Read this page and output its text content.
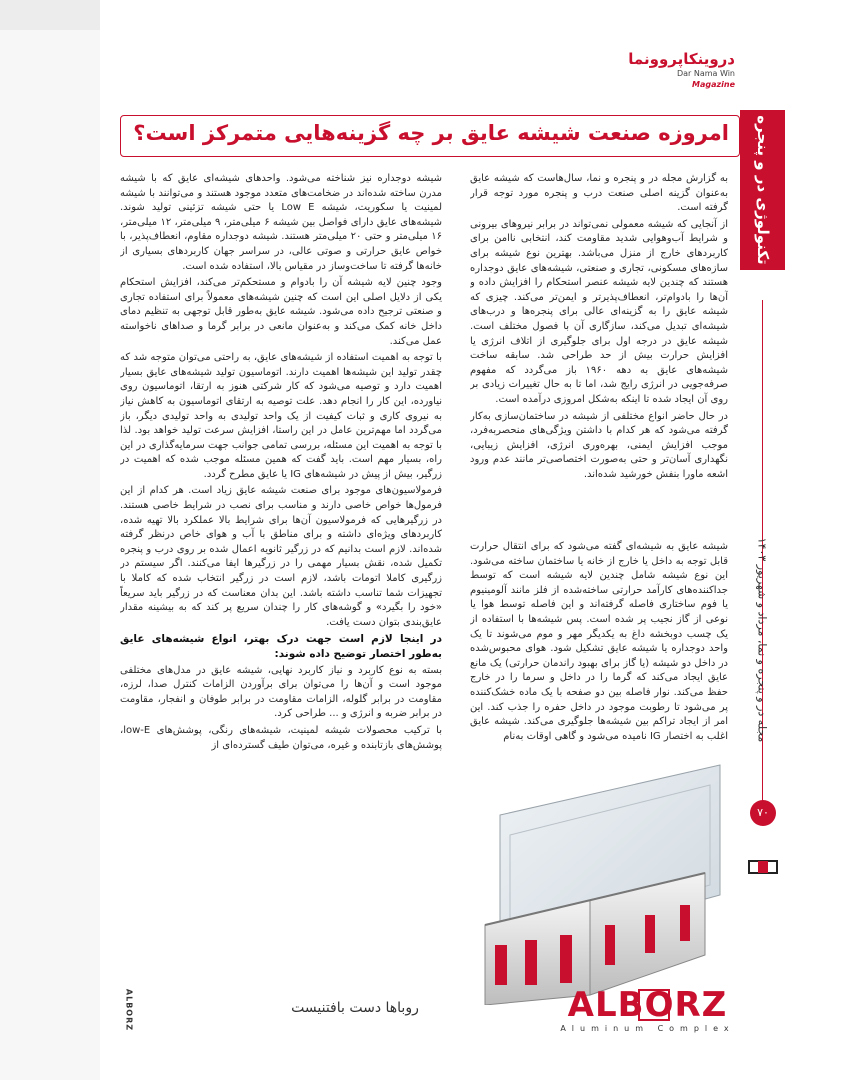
دروینکاپروونما
Dar Nama Win Magazine
تکنولوژی در و پنجره
مجله در و پنجره و نما، مرداد و شهریور ۱۴۰۳
۷۰
امروزه صنعت شیشه عایق بر چه گزینه‌هایی متمرکز است؟

به گزارش مجله در و پنجره و نما، سال‌هاست که شیشه عایق به‌عنوان گزینه اصلی صنعت درب و پنجره مورد توجه قرار گرفته است.

از آنجایی که شیشه معمولی نمی‌تواند در برابر نیروهای بیرونی و شرایط آب‌وهوایی شدید مقاومت کند، انتخابی ناامن برای کاربردهای خارج از منزل می‌باشد. بهترین نوع شیشه برای سازه‌های مسکونی، تجاری و صنعتی، شیشه‌های عایق دوجداره هستند که چندین لایه شیشه عنصر استحکام را افزایش داده و آن‌ها را بادوام‌تر، انعطاف‌پذیرتر و ایمن‌تر می‌کند. چیزی که شیشه عایق را به گزینه‌ای عالی برای پنجره‌ها و درب‌های شیشه‌ای تبدیل می‌کند، سازگاری آن با فصول مختلف است. شیشه عایق در درجه اول برای جلوگیری از اتلاف انرژی یا افزایش حرارت بیش از حد طراحی شد. سابقه ساخت شیشه‌های عایق به دهه ۱۹۶۰ باز می‌گردد که مفهوم صرفه‌جویی در انرژی رایج شد، اما تا به حال تغییرات زیادی بر روی آن ایجاد شده تا اینکه به‌شکل امروزی درآمده است.

در حال حاضر انواع مختلفی از شیشه در ساختمان‌سازی به‌کار گرفته می‌شود که هر کدام با داشتن ویژگی‌های منحصربه‌فرد، موجب افزایش ایمنی، بهره‌وری انرژی، افزایش زیبایی، نگهداری آسان‌تر و حتی به‌صورت اختصاصی‌تر مانند عدم ورود اشعه ماورا بنفش خورشید شده‌اند.

شیشه عایق به شیشه‌ای گفته می‌شود که برای انتقال حرارت قابل توجه به داخل یا خارج از خانه یا ساختمان ساخته می‌شود. این نوع شیشه شامل چندین لایه شیشه است که توسط جداکننده‌های کارآمد حرارتی ساخته‌شده از فلز مانند آلومینیوم یا فوم ساختاری فاصله گرفته‌اند و این فاصله توسط هوا یا نوعی از گاز نجیب پر شده است. پس شیشه‌ها با استفاده از یک چسب دوبخشه داغ به یکدیگر مهر و موم می‌شوند تا یک واحد دوجداره یا شیشه عایق تشکیل شود. هوای محبوس‌شده در داخل دو شیشه (یا گاز برای بهبود راندمان حرارتی) یک مانع عایق ایجاد می‌کند که گرما را در داخل و سرما را در خارج حفظ می‌کند. نوار فاصله بین دو صفحه با یک ماده خشک‌کننده پر می‌شود تا رطوبت موجود در داخل حفره را جذب کند. این امر از ایجاد تراکم بین شیشه‌ها جلوگیری می‌کند. شیشه عایق اغلب به اختصار IG نامیده می‌شود و گاهی اوقات به‌نام

شیشه دوجداره نیز شناخته می‌شود. واحدهای شیشه‌ای عایق که با شیشه مدرن ساخته شده‌اند در ضخامت‌های متعدد موجود هستند و می‌توانند با شیشه لمینیت یا سکوریت، شیشه Low E یا حتی شیشه‌ تزئینی تولید شوند. شیشه‌های عایق دارای فواصل بین شیشه ۶ میلی‌متر، ۹ میلی‌متر، ۱۲ میلی‌متر، ۱۶ میلی‌متر و حتی ۲۰ میلی‌متر هستند. شیشه دوجداره مقاوم، انعطاف‌پذیر، با خواص عایق حرارتی و صوتی عالی، در سراسر جهان کاربردهای بسیاری از خانه‌ها گرفته تا ساخت‌وساز در مقیاس بالا، استفاده شده است.

وجود چنین لایه شیشه آن را بادوام و مستحکم‌تر می‌کند، افزایش استحکام یکی از دلایل اصلی این است که چنین شیشه‌های معمولاً برای استفاده تجاری و صنعتی ترجیح داده می‌شود. شیشه عایق به‌طور قابل توجهی به تنظیم دمای داخل خانه کمک می‌کند و به‌عنوان مانعی در برابر گرما و صداهای ناخواسته عمل می‌کند.

با توجه به اهمیت استفاده از شیشه‌های عایق، به راحتی می‌توان متوجه شد که چقدر تولید این شیشه‌ها اهمیت دارند. اتوماسیون تولید شیشه‌های عایق بسیار اهمیت دارد و توصیه می‌شود که کار شرکتی هنوز به ارتقا، اتوماسیون روی نیاورده، این کار را انجام دهد. علت توصیه به ارتقای اتوماسیون به کاهش نیاز به نیروی کاری و ثبات کیفیت از یک واحد تولیدی به واحد تولیدی دیگر، باز می‌گردد اما مهم‌ترین عامل در این راستا، افزایش سرعت تولید خواهد بود. لذا با توجه به اهمیت این مسئله، بررسی تمامی جوانب جهت سرمایه‌گذاری در این راه، بسیار مهم است. باید گفت که همین مسئله موجب شده که اهمیت در زرگیر، بیش از پیش در شیشه‌های IG یا عایق مطرح گردد.

فرمولاسیون‌های موجود برای صنعت شیشه عایق زیاد است. هر کدام از این فرمول‌ها خواص خاصی دارند و مناسب برای نصب در شرایط خاصی هستند. در زرگیرهایی که فرمولاسیون آن‌ها برای شرایط بالا عملکرد بالا تهیه شده، کاربردهای ویژه‌ای داشته و برای مناطق با آب و هوای خاص درنظر گرفته شده‌اند. لازم است بدانیم که در زرگیر ثانویه اعمال شده بر روی درب و پنجره تکمیل شده، نقش بسیار مهمی را در زرگیرها ایفا می‌کنند. اگر سیستم در زرگیری کاملا اتومات باشد، لازم است در زرگیر انتخاب شده که کاملا با تجهیزات شما تناسب داشته باشد. این بدان معناست که در زرگیر باید سریعاً «خود را بگیرد» و گوشه‌های کار را چندان سریع پر کند که به بیشینه مقدار عایق‌بندی بتوان دست یافت.

در اینجا لازم است جهت درک بهتر، انواع شیشه‌های عایق به‌طور اختصار توضیح داده شوند:

بسته به نوع کاربرد و نیاز کاربرد نهایی، شیشه عایق در مدل‌های مختلفی موجود است و آن‌ها را می‌توان برای برآوردن الزامات کنترل صدا، لرزه، مقاومت در برابر گلوله، الزامات مقاومت در برابر طوفان و انفجار، مقاومت در برابر ضربه و انرژی و ... طراحی کرد.

با ترکیب محصولات شیشه لمینیت، شیشه‌های رنگی، پوشش‌های low-E، پوشش‌های بازتابنده و غیره، می‌توان طیف گسترده‌ای از

روباها دست بافتنیست	ALBORZ
Aluminum Complex
ALBORZ
